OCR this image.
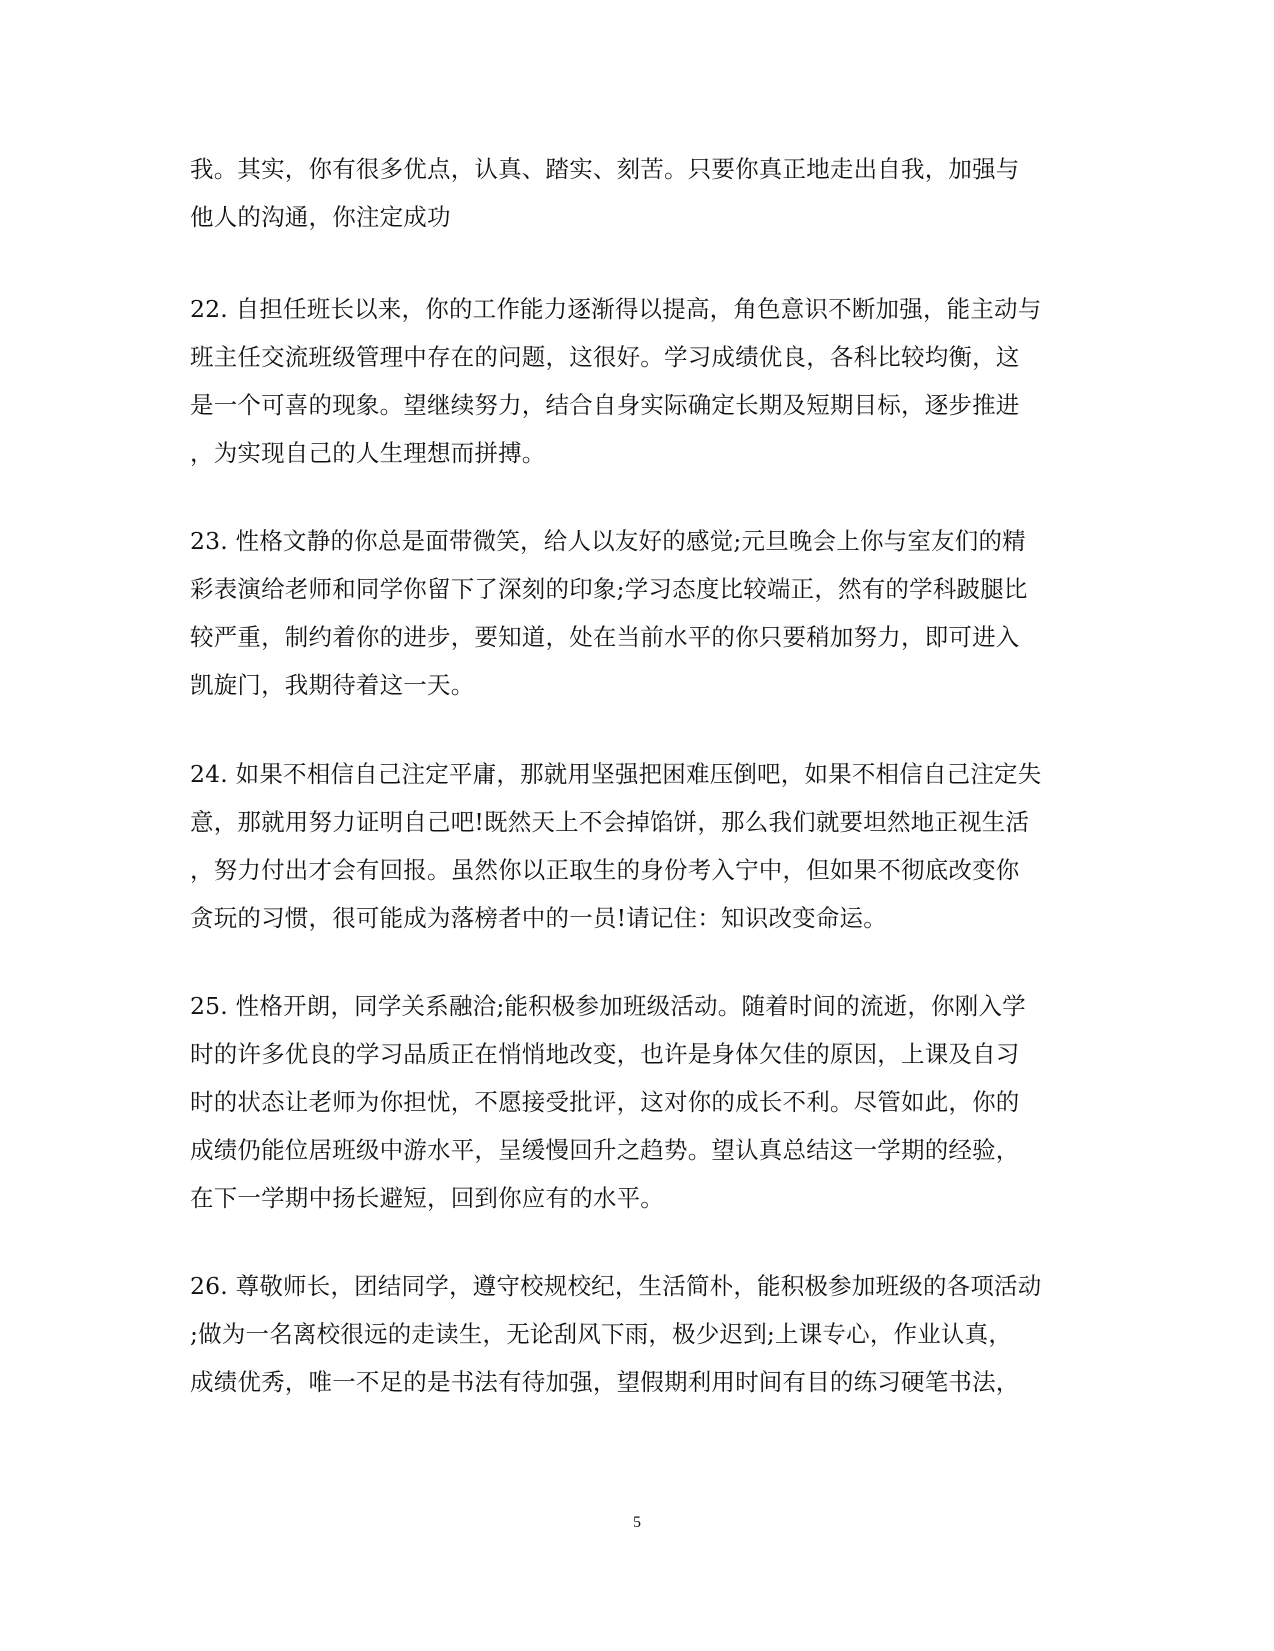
我。其实，你有很多优点，认真、踏实、刻苦。只要你真正地走出自我，加强与
他人的沟通，你注定成功
22. 自担任班长以来，你的工作能力逐渐得以提高，角色意识不断加强，能主动与
班主任交流班级管理中存在的问题，这很好。学习成绩优良，各科比较均衡，这
是一个可喜的现象。望继续努力，结合自身实际确定长期及短期目标，逐步推进
，为实现自己的人生理想而拼搏。
23. 性格文静的你总是面带微笑，给人以友好的感觉;元旦晚会上你与室友们的精
彩表演给老师和同学你留下了深刻的印象;学习态度比较端正，然有的学科跛腿比
较严重，制约着你的进步，要知道，处在当前水平的你只要稍加努力，即可进入
凯旋门，我期待着这一天。
24. 如果不相信自己注定平庸，那就用坚强把困难压倒吧，如果不相信自己注定失
意，那就用努力证明自己吧!既然天上不会掉馅饼，那么我们就要坦然地正视生活
，努力付出才会有回报。虽然你以正取生的身份考入宁中，但如果不彻底改变你
贪玩的习惯，很可能成为落榜者中的一员!请记住：知识改变命运。
25. 性格开朗，同学关系融洽;能积极参加班级活动。随着时间的流逝，你刚入学
时的许多优良的学习品质正在悄悄地改变，也许是身体欠佳的原因，上课及自习
时的状态让老师为你担忧，不愿接受批评，这对你的成长不利。尽管如此，你的
成绩仍能位居班级中游水平，呈缓慢回升之趋势。望认真总结这一学期的经验，
在下一学期中扬长避短，回到你应有的水平。
26. 尊敬师长，团结同学，遵守校规校纪，生活简朴，能积极参加班级的各项活动
;做为一名离校很远的走读生，无论刮风下雨，极少迟到;上课专心，作业认真，
成绩优秀，唯一不足的是书法有待加强，望假期利用时间有目的练习硬笔书法，
5
